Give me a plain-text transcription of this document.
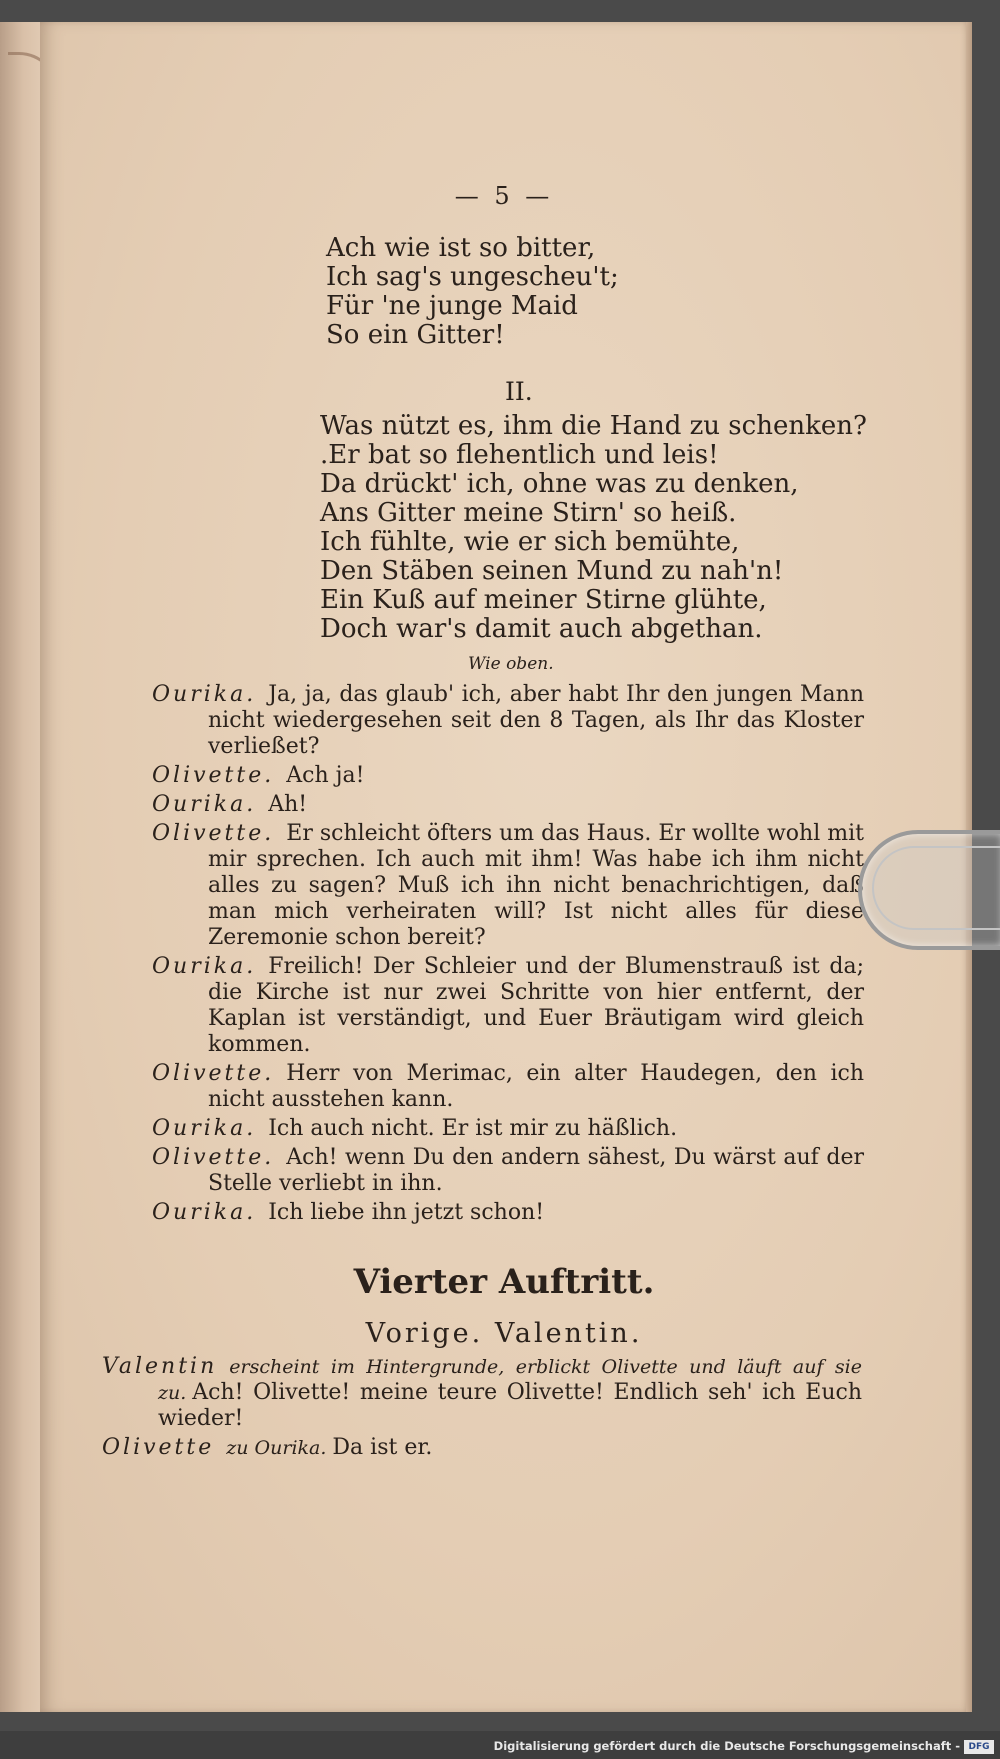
— 5 —
Ach wie ist so bitter,
Ich sag's ungescheu't;
Für 'ne junge Maid
So ein Gitter!
II.
Was nützt es, ihm die Hand zu schenken?
.Er bat so flehentlich und leis!
Da drückt' ich, ohne was zu denken,
Ans Gitter meine Stirn' so heiß.
Ich fühlte, wie er sich bemühte,
Den Stäben seinen Mund zu nah'n!
Ein Kuß auf meiner Stirne glühte,
Doch war's damit auch abgethan.
Wie oben.
Ourika. Ja, ja, das glaub' ich, aber habt Ihr den jungen Mann nicht wiedergesehen seit den 8 Tagen, als Ihr das Kloster verließet?
Olivette. Ach ja!
Ourika. Ah!
Olivette. Er schleicht öfters um das Haus. Er wollte wohl mit mir sprechen. Ich auch mit ihm! Was habe ich ihm nicht alles zu sagen? Muß ich ihn nicht benachrichtigen, daß man mich verheiraten will? Ist nicht alles für diese Zeremonie schon bereit?
Ourika. Freilich! Der Schleier und der Blumenstrauß ist da; die Kirche ist nur zwei Schritte von hier entfernt, der Kaplan ist verständigt, und Euer Bräutigam wird gleich kommen.
Olivette. Herr von Merimac, ein alter Haudegen, den ich nicht ausstehen kann.
Ourika. Ich auch nicht. Er ist mir zu häßlich.
Olivette. Ach! wenn Du den andern sähest, Du wärst auf der Stelle verliebt in ihn.
Ourika. Ich liebe ihn jetzt schon!
Vierter Auftritt.
Vorige. Valentin.
Valentin erscheint im Hintergrunde, erblickt Olivette und läuft auf sie zu. Ach! Olivette! meine teure Olivette! Endlich seh' ich Euch wieder!
Olivette zu Ourika. Da ist er.
Digitalisierung gefördert durch die Deutsche Forschungsgemeinschaft - DFG
